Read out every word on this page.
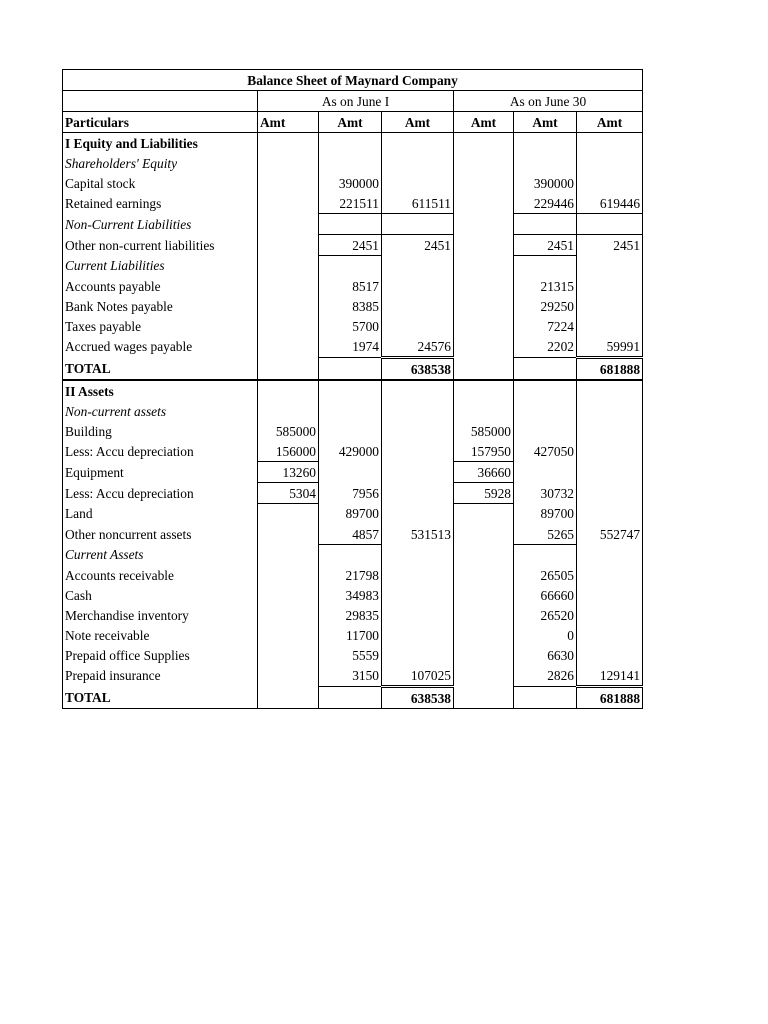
Balance Sheet of Maynard Company						
	As on June I			As on June 30		
Particulars	Amt	Amt	Amt	Amt	Amt	Amt
I Equity and Liabilities						
Shareholders' Equity						
Capital stock		390000			390000	
Retained earnings		221511	611511		229446	619446
Non-Current Liabilities						
Other non-current liabilities		2451	2451		2451	2451
Current Liabilities						
Accounts payable		8517			21315	
Bank Notes payable		8385			29250	
Taxes payable		5700			7224	
Accrued wages payable		1974	24576		2202	59991
TOTAL			638538			681888
II Assets						
Non-current assets						
Building	585000			585000		
Less: Accu depreciation	156000	429000		157950	427050	
Equipment	13260			36660		
Less: Accu depreciation	5304	7956		5928	30732	
Land		89700			89700	
Other noncurrent assets		4857	531513		5265	552747
Current Assets						
Accounts receivable		21798			26505	
Cash		34983			66660	
Merchandise inventory		29835			26520	
Note receivable		11700			0	
Prepaid office Supplies		5559			6630	
Prepaid insurance		3150	107025		2826	129141
TOTAL			638538			681888
